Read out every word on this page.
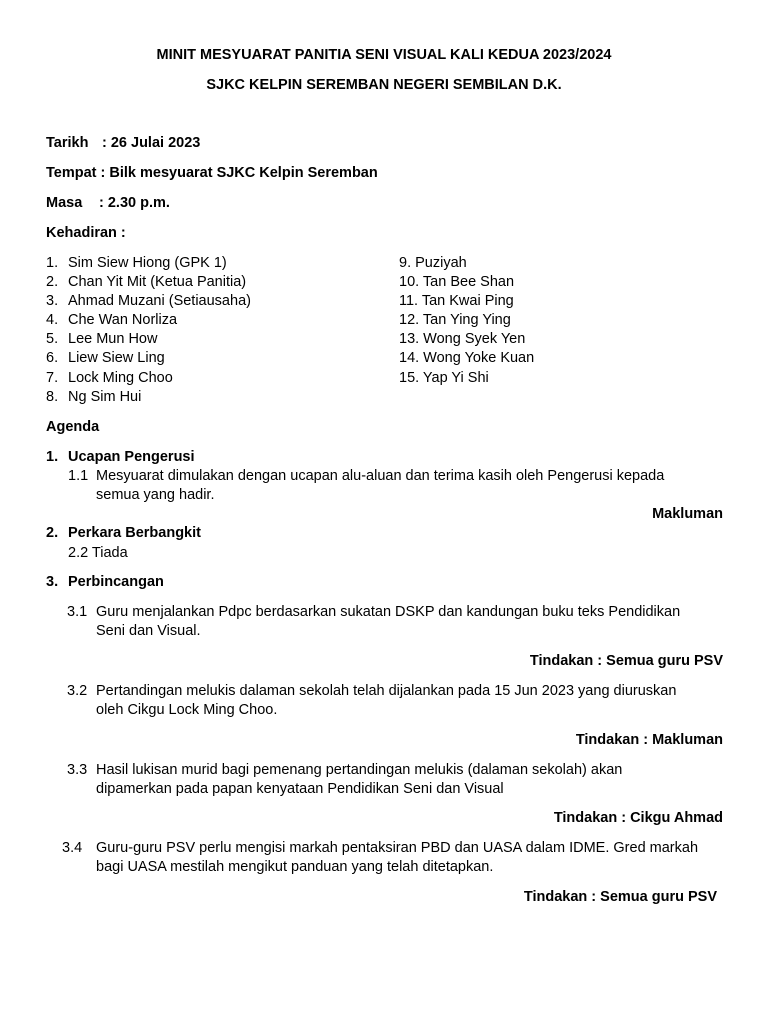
MINIT MESYUARAT PANITIA SENI VISUAL KALI KEDUA 2023/2024
SJKC KELPIN SEREMBAN NEGERI SEMBILAN D.K.
Tarikh : 26 Julai 2023
Tempat : Bilk mesyuarat SJKC Kelpin Seremban
Masa : 2.30 p.m.
Kehadiran :
1. Sim Siew Hiong (GPK 1)
2. Chan Yit Mit (Ketua Panitia)
3. Ahmad Muzani (Setiausaha)
4. Che Wan Norliza
5. Lee Mun How
6. Liew Siew Ling
7. Lock Ming Choo
8. Ng Sim Hui
9. Puziyah
10. Tan Bee Shan
11. Tan Kwai Ping
12. Tan Ying Ying
13. Wong Syek Yen
14. Wong Yoke Kuan
15. Yap Yi Shi
Agenda
1. Ucapan Pengerusi
1.1 Mesyuarat dimulakan dengan ucapan alu-aluan dan terima kasih oleh Pengerusi kepada
semua yang hadir.
Makluman
2. Perkara Berbangkit
2.2 Tiada
3. Perbincangan
3.1 Guru menjalankan Pdpc berdasarkan sukatan DSKP dan kandungan buku teks Pendidikan
Seni dan Visual.
Tindakan : Semua guru PSV
3.2 Pertandingan melukis dalaman sekolah telah dijalankan pada 15 Jun 2023 yang diuruskan
oleh Cikgu Lock Ming Choo.
Tindakan : Makluman
3.3 Hasil lukisan murid bagi pemenang pertandingan melukis (dalaman sekolah) akan
dipamerkan pada papan kenyataan Pendidikan Seni dan Visual
Tindakan : Cikgu Ahmad
3.4 Guru-guru PSV perlu mengisi markah pentaksiran PBD dan UASA dalam IDME. Gred markah
bagi UASA mestilah mengikut panduan yang telah ditetapkan.
Tindakan : Semua guru PSV
